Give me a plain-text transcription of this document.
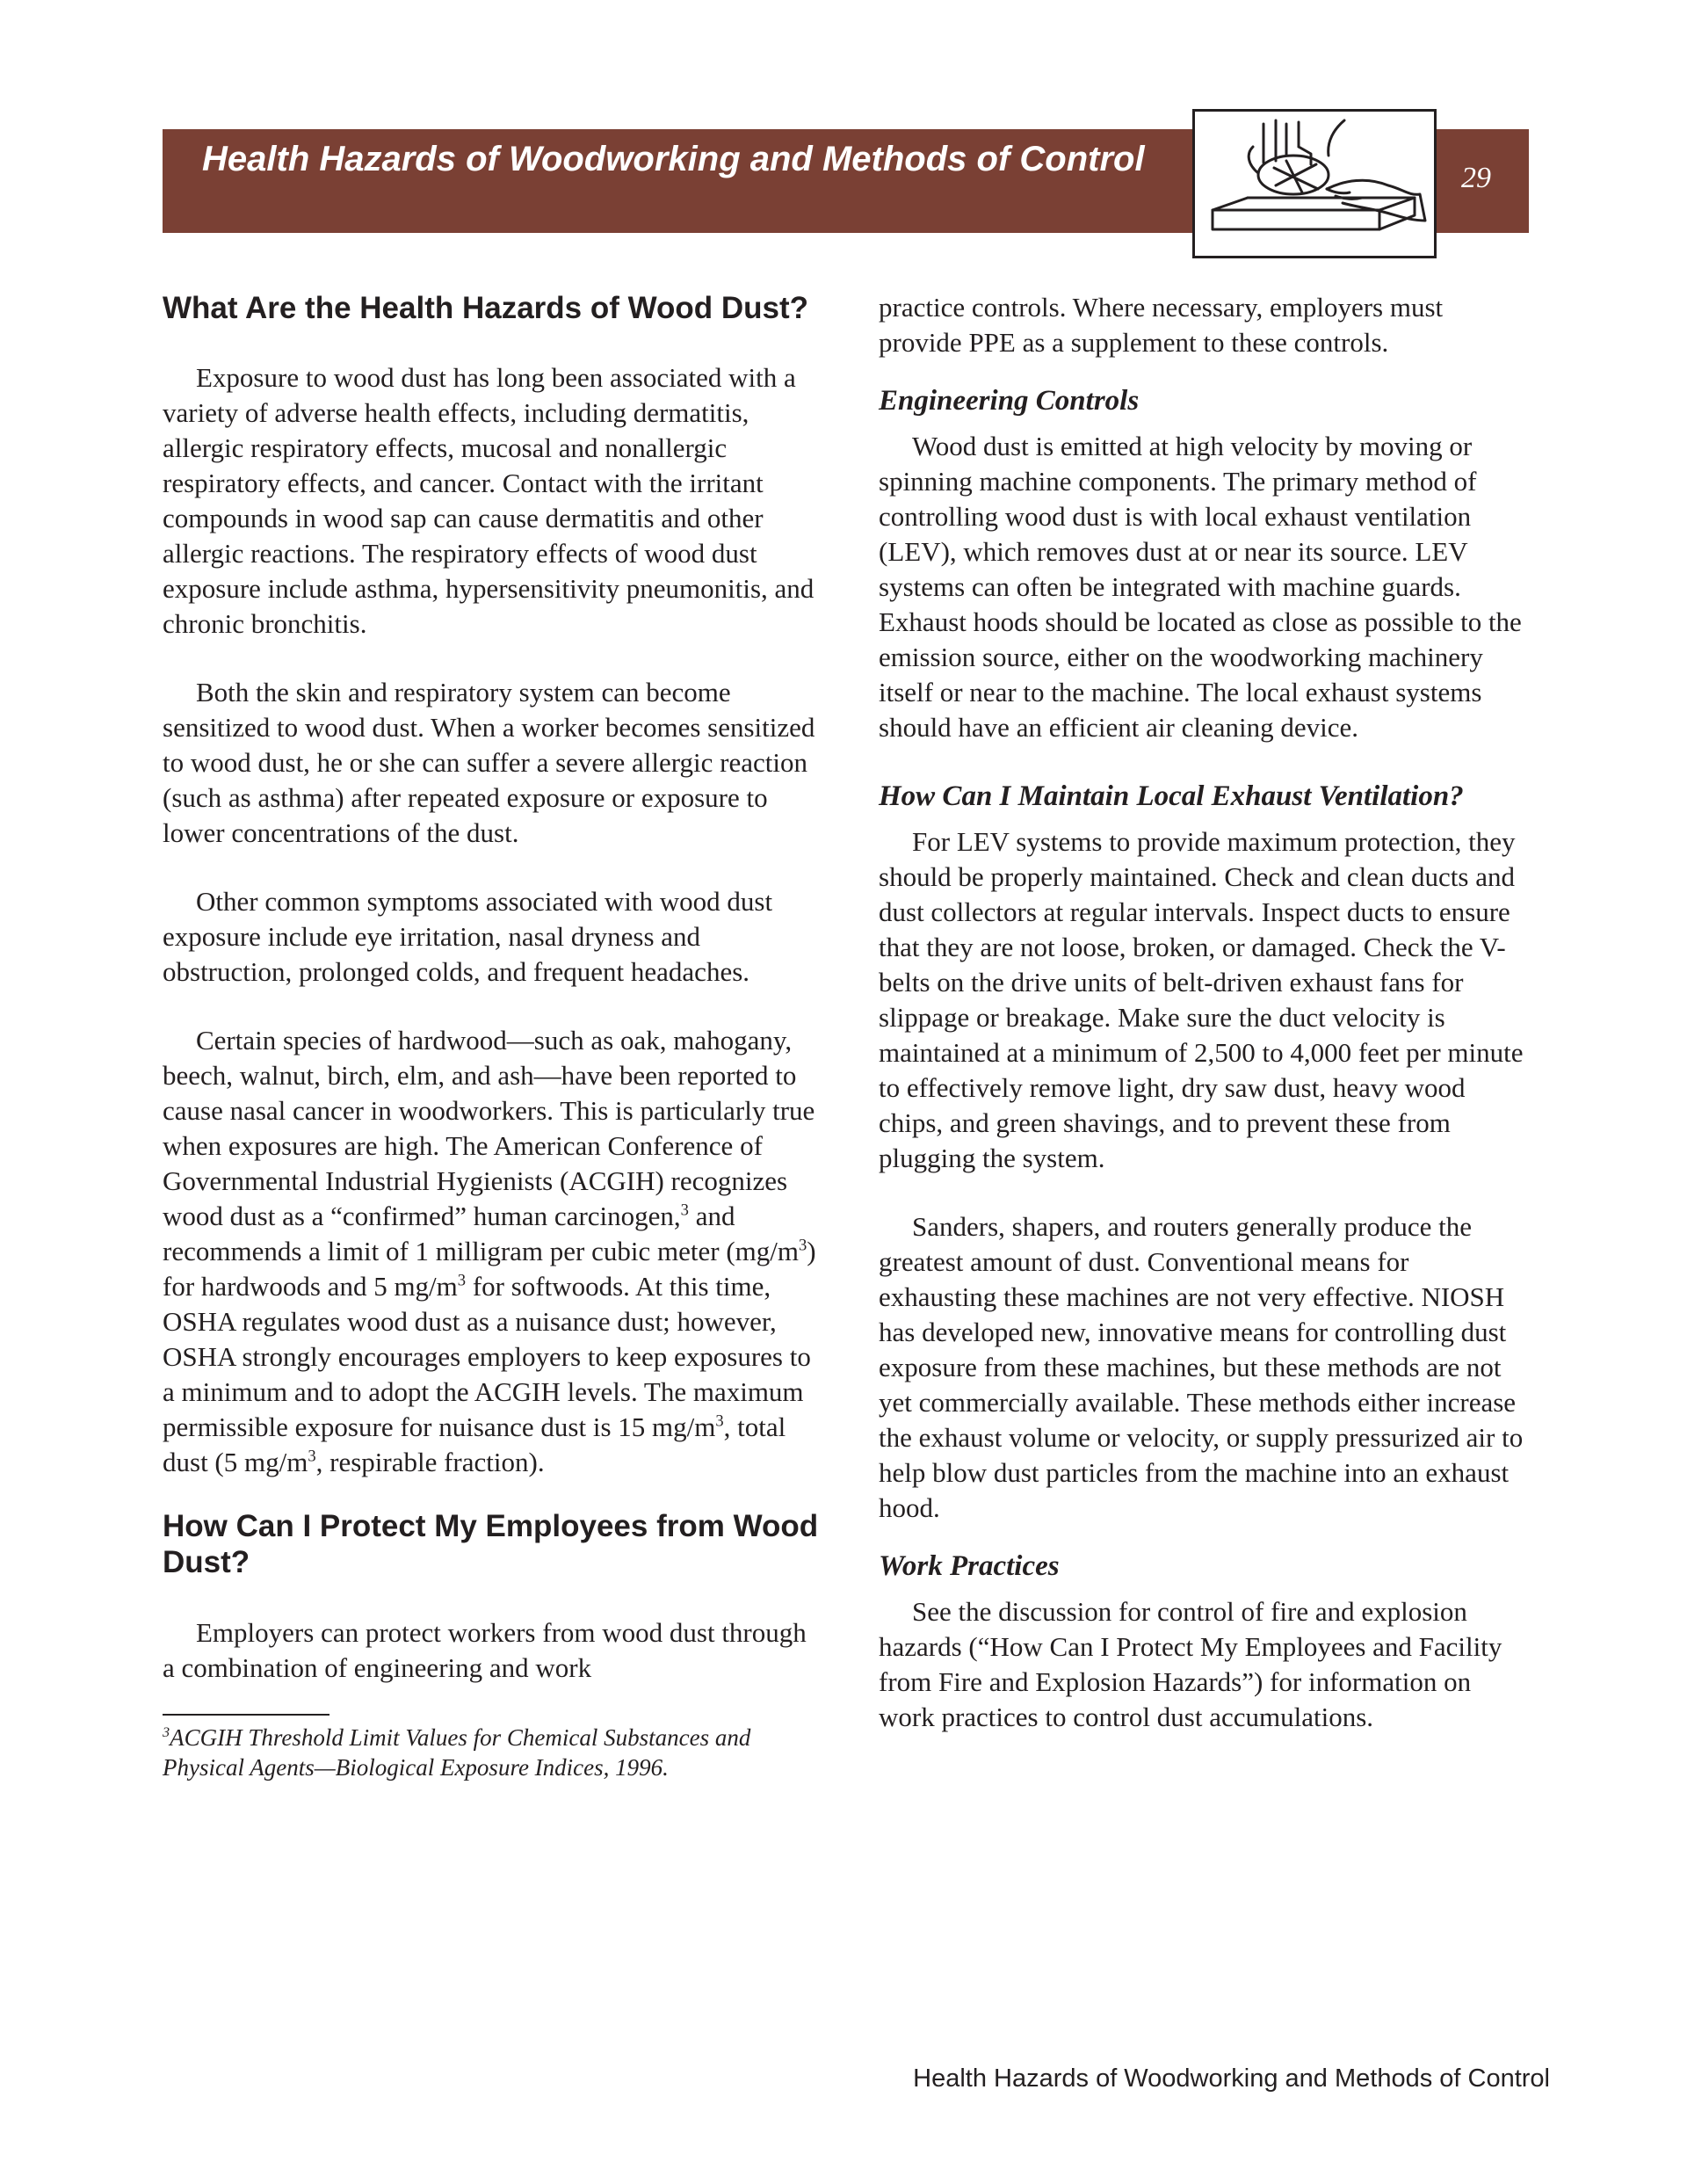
Health Hazards of Woodworking and Methods of Control	29
What Are the Health Hazards of Wood Dust?

Exposure to wood dust has long been associated with a variety of adverse health effects, including dermatitis, allergic respiratory effects, mucosal and nonallergic respiratory effects, and cancer. Contact with the irritant compounds in wood sap can cause dermatitis and other allergic reactions. The respiratory effects of wood dust exposure include asthma, hypersensitivity pneumonitis, and chronic bronchitis.

Both the skin and respiratory system can become sensitized to wood dust. When a worker becomes sensitized to wood dust, he or she can suffer a severe allergic reaction (such as asthma) after repeated exposure or exposure to lower concentrations of the dust.

Other common symptoms associated with wood dust exposure include eye irritation, nasal dryness and obstruction, prolonged colds, and frequent headaches.

Certain species of hardwood—such as oak, mahogany, beech, walnut, birch, elm, and ash—have been reported to cause nasal cancer in woodworkers. This is particularly true when exposures are high. The American Conference of Governmental Industrial Hygienists (ACGIH) recognizes wood dust as a “confirmed” human carcinogen,$^3$ and recommends a limit of 1 milligram per cubic meter $(mg/m^3)$ for hardwoods and 5 $mg/m^3$ for softwoods. At this time, OSHA regulates wood dust as a nuisance dust; however, OSHA strongly encourages employers to keep exposures to a minimum and to adopt the ACGIH levels. The maximum permissible exposure for nuisance dust is 15 $mg/m^3$, total dust (5 $mg/m^3$, respirable fraction).

How Can I Protect My Employees from Wood Dust?

Employers can protect workers from wood dust through a combination of engineering and work

$^3$ACGIH Threshold Limit Values for Chemical Substances and Physical Agents—Biological Exposure Indices, 1996.

practice controls. Where necessary, employers must provide PPE as a supplement to these controls.

Engineering Controls

Wood dust is emitted at high velocity by moving or spinning machine components. The primary method of controlling wood dust is with local exhaust ventilation (LEV), which removes dust at or near its source. LEV systems can often be integrated with machine guards. Exhaust hoods should be located as close as possible to the emission source, either on the woodworking machinery itself or near to the machine. The local exhaust systems should have an efficient air cleaning device.

How Can I Maintain Local Exhaust Ventilation?

For LEV systems to provide maximum protection, they should be properly maintained. Check and clean ducts and dust collectors at regular intervals. Inspect ducts to ensure that they are not loose, broken, or damaged. Check the V-belts on the drive units of belt-driven exhaust fans for slippage or breakage. Make sure the duct velocity is maintained at a minimum of 2,500 to 4,000 feet per minute to effectively remove light, dry saw dust, heavy wood chips, and green shavings, and to prevent these from plugging the system.

Sanders, shapers, and routers generally produce the greatest amount of dust. Conventional means for exhausting these machines are not very effective. NIOSH has developed new, innovative means for controlling dust exposure from these machines, but these methods are not yet commercially available. These methods either increase the exhaust volume or velocity, or supply pressurized air to help blow dust particles from the machine into an exhaust hood.

Work Practices

See the discussion for control of fire and explosion hazards (“How Can I Protect My Employees and Facility from Fire and Explosion Hazards”) for information on work practices to control dust accumulations.

Health Hazards of Woodworking and Methods of Control
